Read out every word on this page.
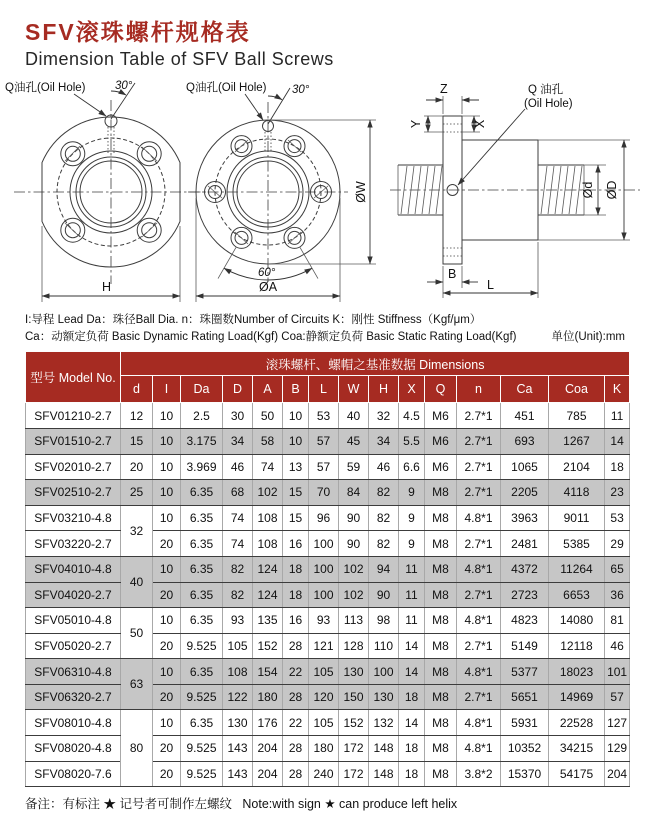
SFV滚珠螺杆规格表
Dimension Table of SFV Ball Screws
30°
Q油孔(Oil Hole)
H
30°
Q油孔(Oil Hole)
60°
ØA
ØW
Z
Y	X
Q 油孔
(Oil Hole)
Ød ØD
B
L
I:导程 Lead Da：珠径Ball Dia. n：珠圈数Number of Circuits K：刚性 Stiffness（Kgf/μm）
Ca：动额定负荷 Basic Dynamic Rating Load(Kgf) Coa:静额定负荷 Basic Static Rating Load(Kgf)	单位(Unit):mm
型号 Model No.	滚珠螺杆、螺帽之基准数据 Dimensions														
	d	I	Da	D	A	B	L	W	H	X	Q	n	Ca	Coa	K
SFV01210-2.7	12	10	2.5	30	50	10	53	40	32	4.5	M6	2.7*1	451	785	11
SFV01510-2.7	15	10	3.175	34	58	10	57	45	34	5.5	M6	2.7*1	693	1267	14
SFV02010-2.7	20	10	3.969	46	74	13	57	59	46	6.6	M6	2.7*1	1065	2104	18
SFV02510-2.7	25	10	6.35	68	102	15	70	84	82	9	M8	2.7*1	2205	4118	23
SFV03210-4.8	32	10	6.35	74	108	15	96	90	82	9	M8	4.8*1	3963	9011	53
SFV03220-2.7		20	6.35	74	108	16	100	90	82	9	M8	2.7*1	2481	5385	29
SFV04010-4.8	40	10	6.35	82	124	18	100	102	94	11	M8	4.8*1	4372	11264	65
SFV04020-2.7		20	6.35	82	124	18	100	102	90	11	M8	2.7*1	2723	6653	36
SFV05010-4.8	50	10	6.35	93	135	16	93	113	98	11	M8	4.8*1	4823	14080	81
SFV05020-2.7		20	9.525	105	152	28	121	128	110	14	M8	2.7*1	5149	12118	46
SFV06310-4.8	63	10	6.35	108	154	22	105	130	100	14	M8	4.8*1	5377	18023	101
SFV06320-2.7		20	9.525	122	180	28	120	150	130	18	M8	2.7*1	5651	14969	57
SFV08010-4.8	80	10	6.35	130	176	22	105	152	132	14	M8	4.8*1	5931	22528	127
SFV08020-4.8		20	9.525	143	204	28	180	172	148	18	M8	4.8*1	10352	34215	129
SFV08020-7.6		20	9.525	143	204	28	240	172	148	18	M8	3.8*2	15370	54175	204
备注：有标注 ★ 记号者可制作左螺纹 Note:with sign ★ can produce left helix
